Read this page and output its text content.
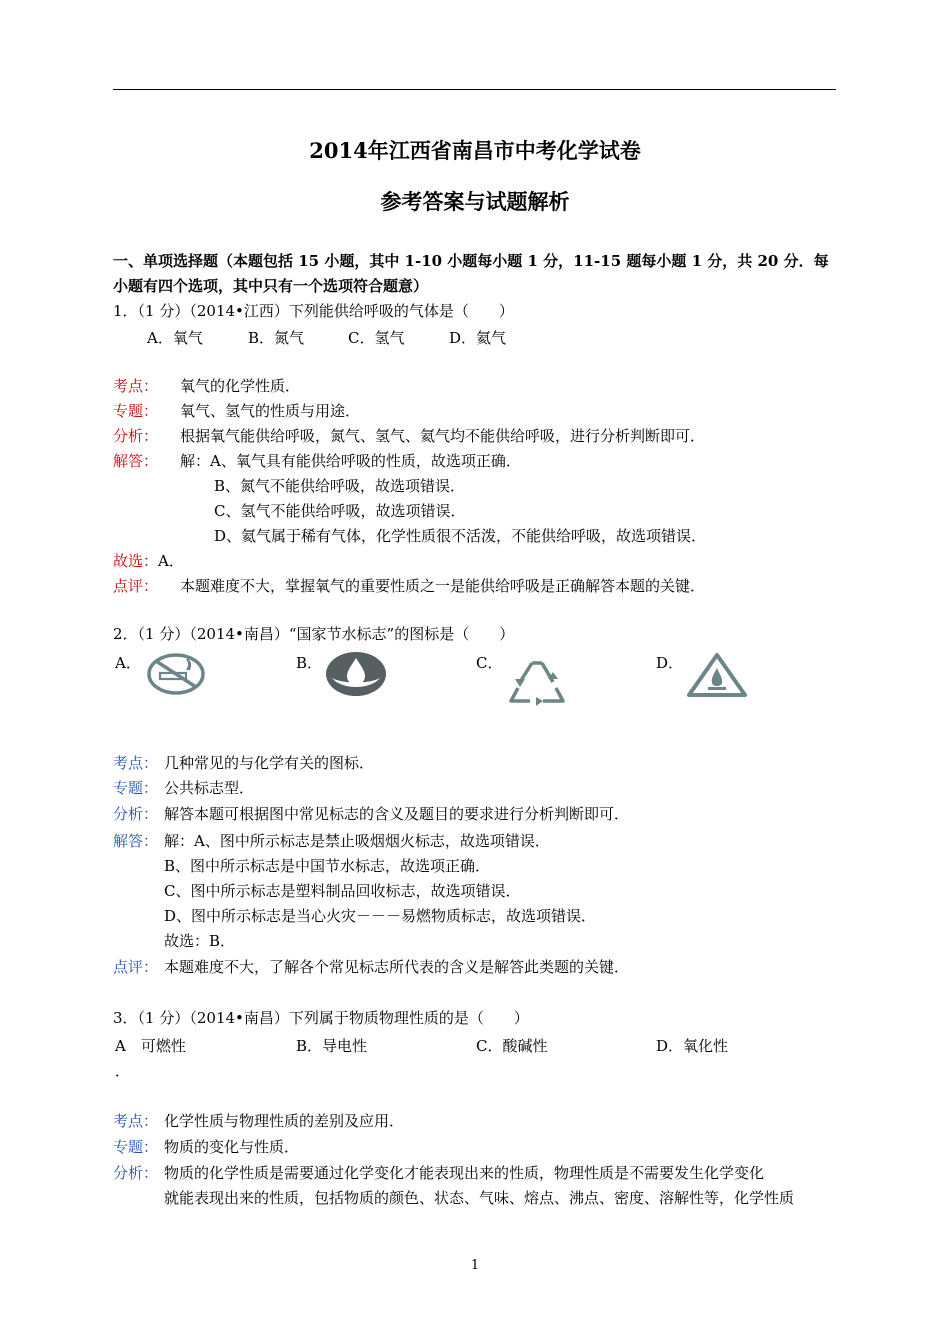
2014年江西省南昌市中考化学试卷
参考答案与试题解析
一、单项选择题（本题包括 15 小题，其中 1-10 小题每小题 1 分，11-15 题每小题 1 分，共 20 分．每
小题有四个选项，其中只有一个选项符合题意）
1．（1 分）（2014•江西）下列能供给呼吸的气体是（　　）
A．氧气	B．氮气	C．氢气	D．氦气
考点： 氧气的化学性质．
专题： 氧气、氢气的性质与用途．
分析： 根据氧气能供给呼吸，氮气、氢气、氦气均不能供给呼吸，进行分析判断即可．
解答： 解：A、氧气具有能供给呼吸的性质，故选项正确．
B、氮气不能供给呼吸，故选项错误．
C、氢气不能供给呼吸，故选项错误．
D、氦气属于稀有气体，化学性质很不活泼，不能供给呼吸，故选项错误．
故选：A．
点评： 本题难度不大，掌握氧气的重要性质之一是能供给呼吸是正确解答本题的关键．
2．（1 分）（2014•南昌）“国家节水标志”的图标是（　　）
A．	B．	C．	D．
考点： 几种常见的与化学有关的图标．
专题： 公共标志型．
分析： 解答本题可根据图中常见标志的含义及题目的要求进行分析判断即可．
解答： 解：A、图中所示标志是禁止吸烟烟火标志，故选项错误．
B、图中所示标志是中国节水标志，故选项正确．
C、图中所示标志是塑料制品回收标志，故选项错误．
D、图中所示标志是当心火灾－－－易燃物质标志，故选项错误．
故选：B．
点评： 本题难度不大，了解各个常见标志所代表的含义是解答此类题的关键．
3．（1 分）（2014•南昌）下列属于物质物理性质的是（　　）
A　可燃性
．
B．导电性	C．酸碱性	D．氧化性
考点： 化学性质与物理性质的差别及应用．
专题： 物质的变化与性质．
分析： 物质的化学性质是需要通过化学变化才能表现出来的性质，物理性质是不需要发生化学变化
就能表现出来的性质，包括物质的颜色、状态、气味、熔点、沸点、密度、溶解性等，化学性质
1
